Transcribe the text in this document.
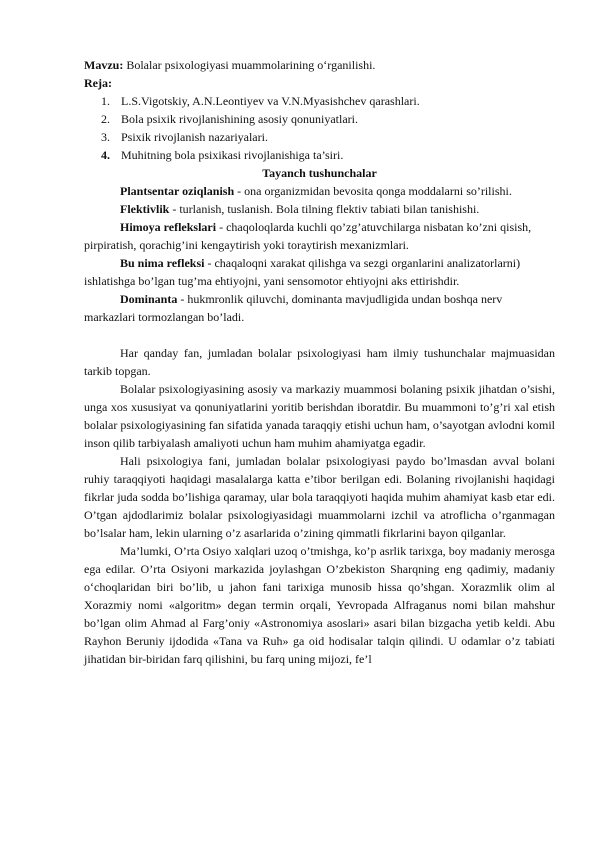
Mavzu: Bolalar psixologiyasi muammolarining o‘rganilishi.

Reja:

1. L.S.Vigotskiy, A.N.Leontiyev va V.N.Myasishchev qarashlari.
2. Bola psixik rivojlanishining asosiy qonuniyatlari.
3. Psixik rivojlanish nazariyalari.
4. Muhitning bola psixikasi rivojlanishiga ta’siri.

Tayanch tushunchalar

Plantsentar oziqlanish - ona organizmidan bevosita qonga moddalarni so’rilishi.

Flektivlik - turlanish, tuslanish. Bola tilning flektiv tabiati bilan tanishishi.

Himoya reflekslari - chaqoloqlarda kuchli qo’zg’atuvchilarga nisbatan ko’zni qisish, pirpiratish, qorachig’ini kengaytirish yoki toraytirish mexanizmlari.

Bu nima refleksi - chaqaloqni xarakat qilishga va sezgi organlarini analizatorlarni) ishlatishga bo’lgan tug’ma ehtiyojni, yani sensomotor ehtiyojni aks ettirishdir.

Dominanta - hukmronlik qiluvchi, dominanta mavjudligida undan boshqa nerv markazlari tormozlangan bo’ladi.

Har qanday fan, jumladan bolalar psixologiyasi ham ilmiy tushunchalar majmuasidan tarkib topgan.

Bolalar psixologiyasining asosiy va markaziy muammosi bolaning psixik jihatdan o’sishi, unga xos xususiyat va qonuniyatlarini yoritib berishdan iboratdir. Bu muammoni to’g’ri xal etish bolalar psixologiyasining fan sifatida yanada taraqqiy etishi uchun ham, o’sayotgan avlodni komil inson qilib tarbiyalash amaliyoti uchun ham muhim ahamiyatga egadir.

Hali psixologiya fani, jumladan bolalar psixologiyasi paydo bo’lmasdan avval bolani ruhiy taraqqiyoti haqidagi masalalarga katta e’tibor berilgan edi. Bolaning rivojlanishi haqidagi fikrlar juda sodda bo’lishiga qaramay, ular bola taraqqiyoti haqida muhim ahamiyat kasb etar edi. O’tgan ajdodlarimiz bolalar psixologiyasidagi muammolarni izchil va atroflicha o’rganmagan bo’lsalar ham, lekin ularning o’z asarlarida o’zining qimmatli fikrlarini bayon qilganlar.

Ma’lumki, O’rta Osiyo xalqlari uzoq o’tmishga, ko’p asrlik tarixga, boy madaniy merosga ega edilar. O’rta Osiyoni markazida joylashgan O’zbekiston Sharqning eng qadimiy, madaniy o‘choqlaridan biri bo’lib, u jahon fani tarixiga munosib hissa qo’shgan. Xorazmlik olim al Xorazmiy nomi «algoritm» degan termin orqali, Yevropada Alfraganus nomi bilan mahshur bo’lgan olim Ahmad al Farg’oniy «Astronomiya asoslari» asari bilan bizgacha yetib keldi. Abu Rayhon Beruniy ijdodida «Tana va Ruh» ga oid hodisalar talqin qilindi. U odamlar o’z tabiati jihatidan bir-biridan farq qilishini, bu farq uning mijozi, fe’l
